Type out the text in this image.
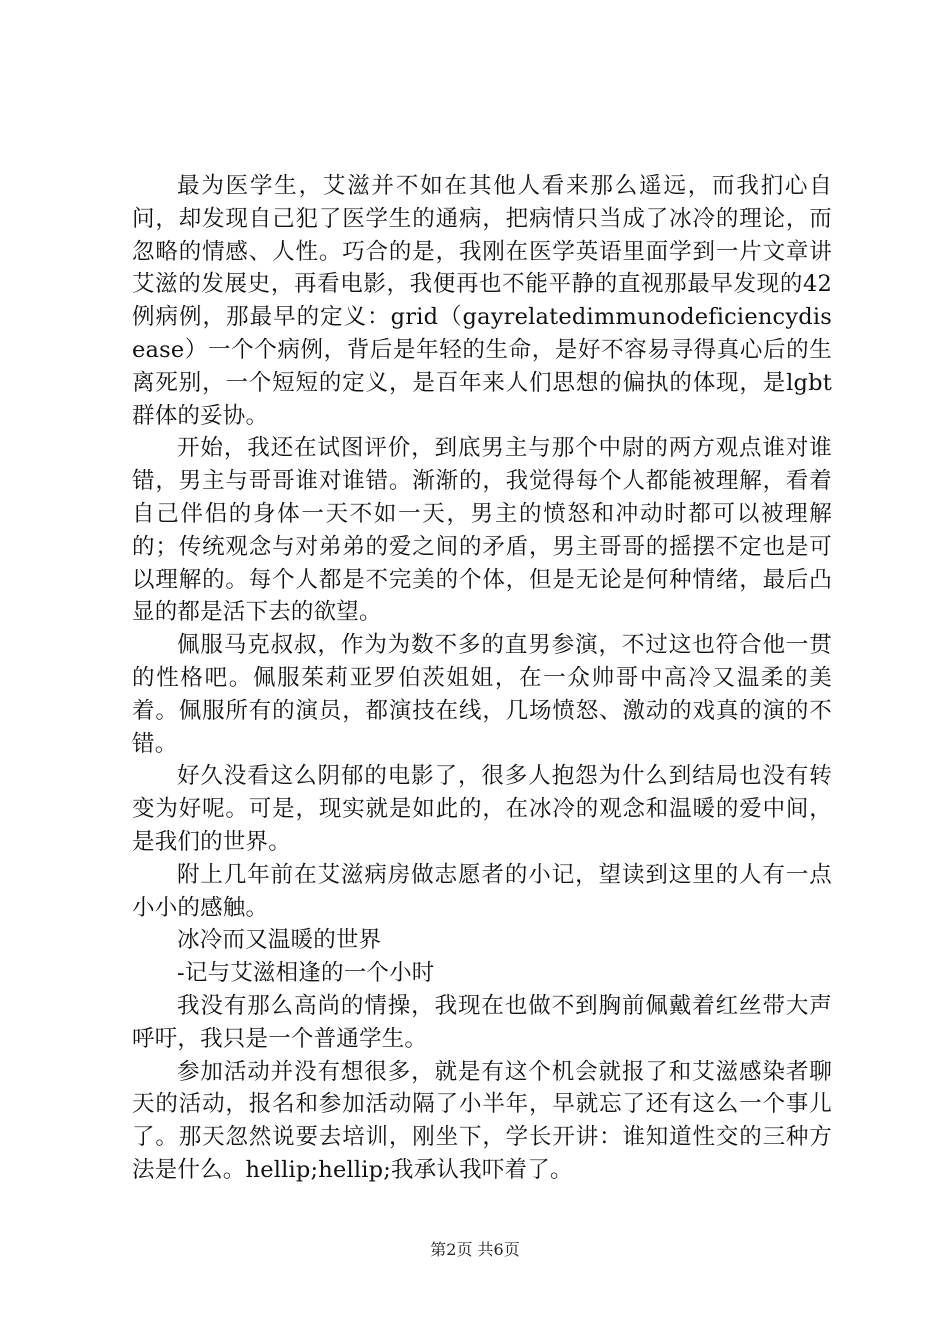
最为医学生，艾滋并不如在其他人看来那么遥远，而我扪心自问，却发现自己犯了医学生的通病，把病情只当成了冰冷的理论，而忽略的情感、人性。巧合的是，我刚在医学英语里面学到一片文章讲艾滋的发展史，再看电影，我便再也不能平静的直视那最早发现的42例病例，那最早的定义：grid（gayrelatedimmunodeficiencydisease）一个个病例，背后是年轻的生命，是好不容易寻得真心后的生离死别，一个短短的定义，是百年来人们思想的偏执的体现，是lgbt群体的妥协。

开始，我还在试图评价，到底男主与那个中尉的两方观点谁对谁错，男主与哥哥谁对谁错。渐渐的，我觉得每个人都能被理解，看着自己伴侣的身体一天不如一天，男主的愤怒和冲动时都可以被理解的；传统观念与对弟弟的爱之间的矛盾，男主哥哥的摇摆不定也是可以理解的。每个人都是不完美的个体，但是无论是何种情绪，最后凸显的都是活下去的欲望。

佩服马克叔叔，作为为数不多的直男参演，不过这也符合他一贯的性格吧。佩服茱莉亚罗伯茨姐姐，在一众帅哥中高冷又温柔的美着。佩服所有的演员，都演技在线，几场愤怒、激动的戏真的演的不错。

好久没看这么阴郁的电影了，很多人抱怨为什么到结局也没有转变为好呢。可是，现实就是如此的，在冰冷的观念和温暖的爱中间，是我们的世界。

附上几年前在艾滋病房做志愿者的小记，望读到这里的人有一点小小的感触。

冰冷而又温暖的世界

-记与艾滋相逢的一个小时

我没有那么高尚的情操，我现在也做不到胸前佩戴着红丝带大声呼吁，我只是一个普通学生。

参加活动并没有想很多，就是有这个机会就报了和艾滋感染者聊天的活动，报名和参加活动隔了小半年，早就忘了还有这么一个事儿了。那天忽然说要去培训，刚坐下，学长开讲：谁知道性交的三种方法是什么。hellip;hellip;我承认我吓着了。

第2页 共6页
